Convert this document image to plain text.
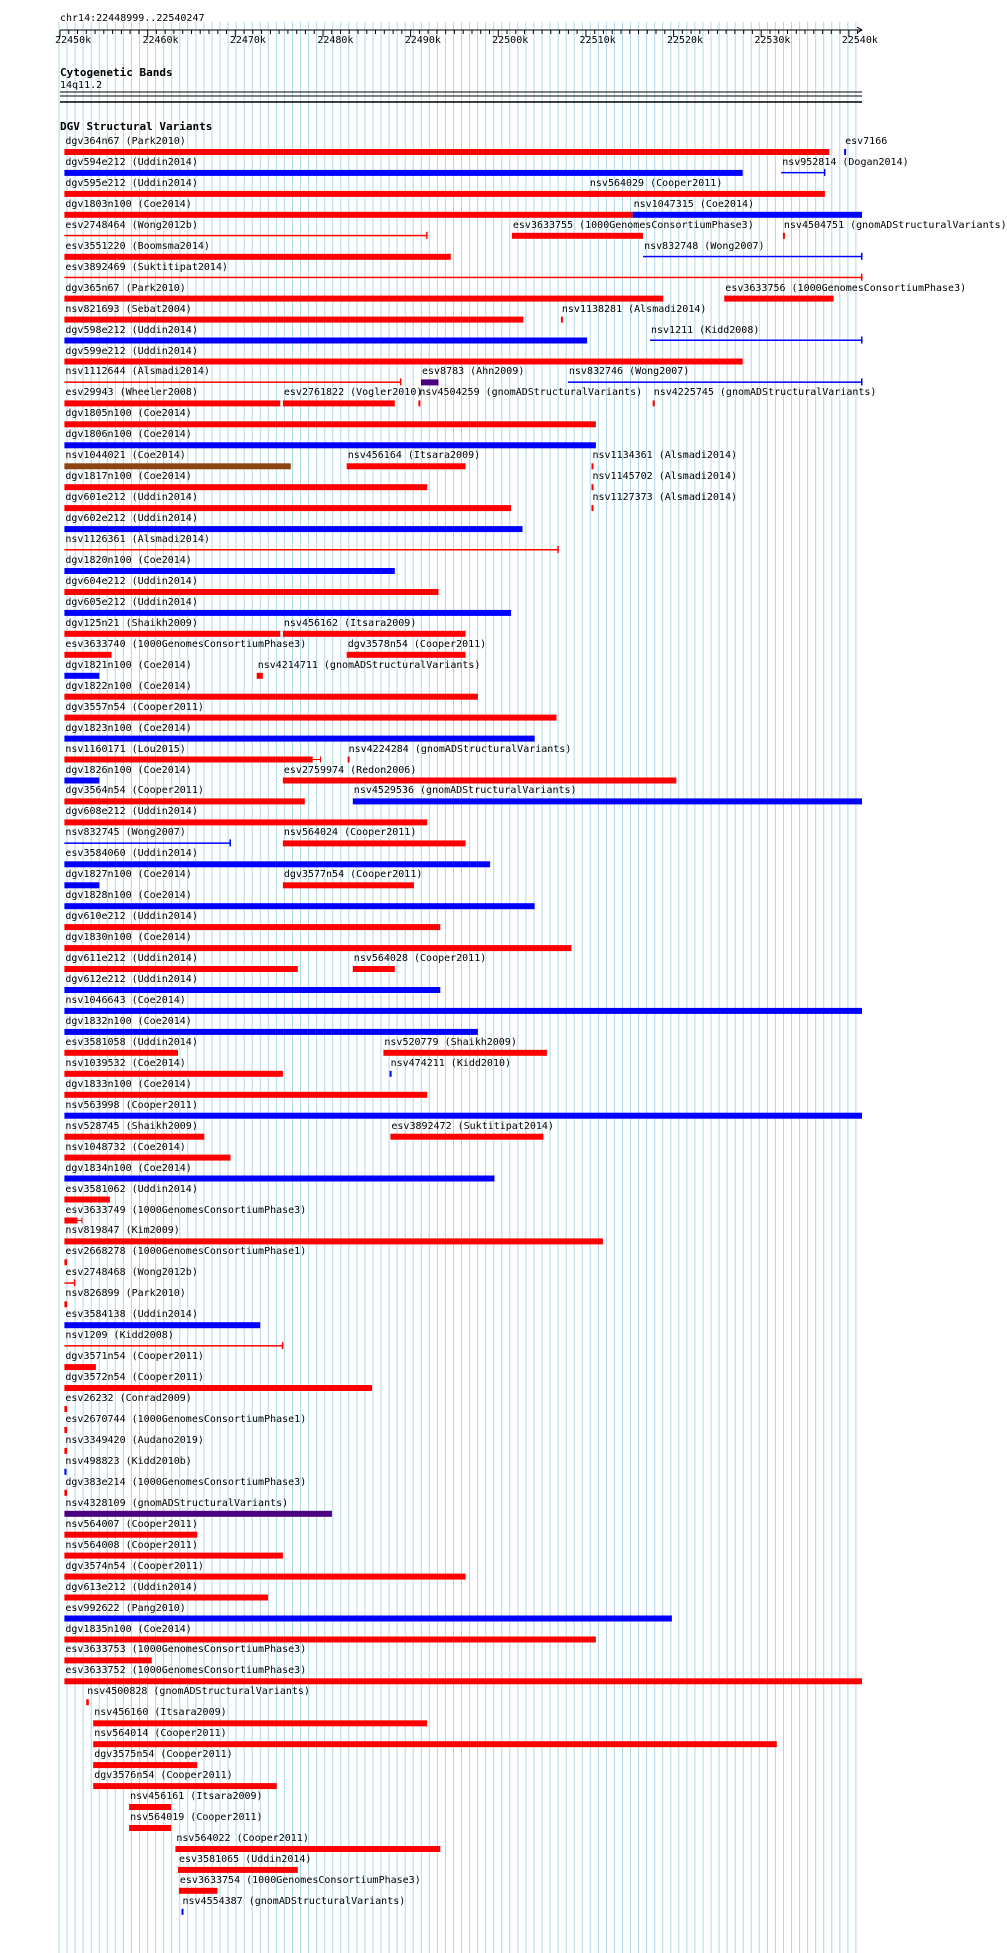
chr14:22448999..22540247
22450k	22460k	22470k	22480k	22490k	22500k	22510k	22520k	22530k	22540k
Cytogenetic Bands
14q11.2
DGV Structural Variants
dgv364n67 (Park2010)	esv7166
dgv594e212 (Uddin2014)	nsv952814 (Dogan2014)
dgv595e212 (Uddin2014)	nsv564029 (Cooper2011)
dgv1803n100 (Coe2014)	nsv1047315 (Coe2014)
esv2748464 (Wong2012b)	esv3633755 (1000GenomesConsortiumPhase3)	nsv4504751 (gnomADStructuralVariants)
esv3551220 (Boomsma2014)	nsv832748 (Wong2007)
esv3892469 (Suktitipat2014)
dgv365n67 (Park2010)	esv3633756 (1000GenomesConsortiumPhase3)
nsv821693 (Sebat2004)	nsv1138281 (Alsmadi2014)
dgv598e212 (Uddin2014)	nsv1211 (Kidd2008)
dgv599e212 (Uddin2014)
nsv1112644 (Alsmadi2014)	esv8783 (Ahn2009)	nsv832746 (Wong2007)
esv29943 (Wheeler2008)	esv2761822 (Vogler2010)
nsv4504259 (gnomADStructuralVariants) nsv4225745 (gnomADStructuralVariants)
dgv1805n100 (Coe2014)
dgv1806n100 (Coe2014)
nsv1044021 (Coe2014)	nsv456164 (Itsara2009)	nsv1134361 (Alsmadi2014)
dgv1817n100 (Coe2014)	nsv1145702 (Alsmadi2014)
dgv601e212 (Uddin2014)	nsv1127373 (Alsmadi2014)
dgv602e212 (Uddin2014)
nsv1126361 (Alsmadi2014)
dgv1820n100 (Coe2014)
dgv604e212 (Uddin2014)
dgv605e212 (Uddin2014)
dgv125n21 (Shaikh2009)	nsv456162 (Itsara2009)
esv3633740 (1000GenomesConsortiumPhase3)	dgv3578n54 (Cooper2011)
dgv1821n100 (Coe2014)	nsv4214711 (gnomADStructuralVariants)
dgv1822n100 (Coe2014)
dgv3557n54 (Cooper2011)
dgv1823n100 (Coe2014)
nsv1160171 (Lou2015)	nsv4224284 (gnomADStructuralVariants)
dgv1826n100 (Coe2014)	esv2759974 (Redon2006)
dgv3564n54 (Cooper2011)	nsv4529536 (gnomADStructuralVariants)
dgv608e212 (Uddin2014)
nsv832745 (Wong2007)	nsv564024 (Cooper2011)
esv3584060 (Uddin2014)
dgv1827n100 (Coe2014)	dgv3577n54 (Cooper2011)
dgv1828n100 (Coe2014)
dgv610e212 (Uddin2014)
dgv1830n100 (Coe2014)
dgv611e212 (Uddin2014)	nsv564028 (Cooper2011)
dgv612e212 (Uddin2014)
nsv1046643 (Coe2014)
dgv1832n100 (Coe2014)
esv3581058 (Uddin2014)	nsv520779 (Shaikh2009)
nsv1039532 (Coe2014)	nsv474211 (Kidd2010)
dgv1833n100 (Coe2014)
nsv563998 (Cooper2011)
nsv528745 (Shaikh2009)	esv3892472 (Suktitipat2014)
nsv1048732 (Coe2014)
dgv1834n100 (Coe2014)
esv3581062 (Uddin2014)
esv3633749 (1000GenomesConsortiumPhase3)
nsv819847 (Kim2009)
esv2668278 (1000GenomesConsortiumPhase1)
esv2748468 (Wong2012b)
nsv826899 (Park2010)
esv3584138 (Uddin2014)
nsv1209 (Kidd2008)
dgv3571n54 (Cooper2011)
dgv3572n54 (Cooper2011)
esv26232 (Conrad2009)
esv2670744 (1000GenomesConsortiumPhase1)
nsv3349420 (Audano2019)
nsv498823 (Kidd2010b)
dgv383e214 (1000GenomesConsortiumPhase3)
nsv4328109 (gnomADStructuralVariants)
nsv564007 (Cooper2011)
nsv564008 (Cooper2011)
dgv3574n54 (Cooper2011)
dgv613e212 (Uddin2014)
esv992622 (Pang2010)
dgv1835n100 (Coe2014)
esv3633753 (1000GenomesConsortiumPhase3)
esv3633752 (1000GenomesConsortiumPhase3)
nsv4500828 (gnomADStructuralVariants)
nsv456160 (Itsara2009)
nsv564014 (Cooper2011)
dgv3575n54 (Cooper2011)
dgv3576n54 (Cooper2011)
nsv456161 (Itsara2009)
nsv564019 (Cooper2011)
nsv564022 (Cooper2011)
esv3581065 (Uddin2014)
esv3633754 (1000GenomesConsortiumPhase3)
nsv4554387 (gnomADStructuralVariants)
